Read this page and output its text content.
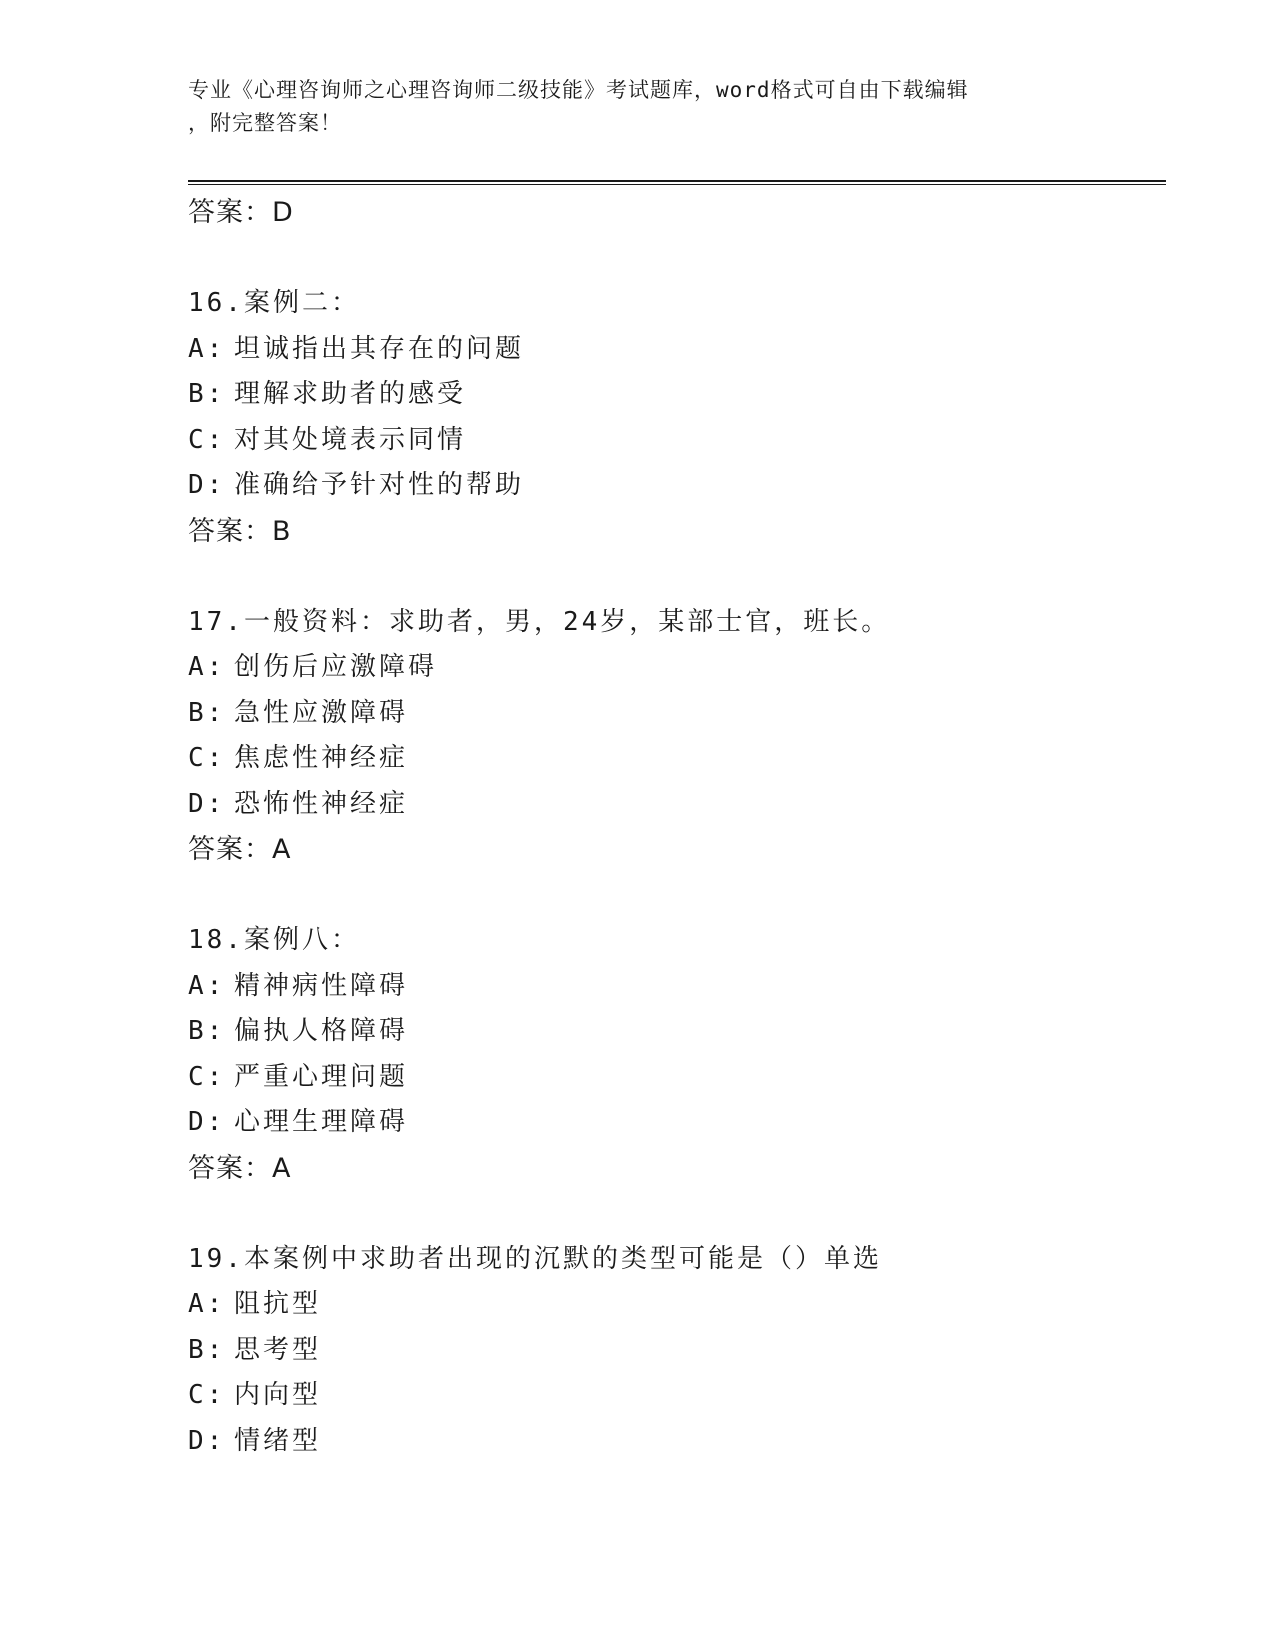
专业《心理咨询师之心理咨询师二级技能》考试题库，word格式可自由下载编辑
，附完整答案！
答案：D
16.案例二：
A: 坦诚指出其存在的问题
B: 理解求助者的感受
C: 对其处境表示同情
D: 准确给予针对性的帮助
答案：B
17.一般资料：求助者，男，24岁，某部士官，班长。
A: 创伤后应激障碍
B: 急性应激障碍
C: 焦虑性神经症
D: 恐怖性神经症
答案：A
18.案例八：
A: 精神病性障碍
B: 偏执人格障碍
C: 严重心理问题
D: 心理生理障碍
答案：A
19.本案例中求助者出现的沉默的类型可能是（）单选
A: 阻抗型
B: 思考型
C: 内向型
D: 情绪型
